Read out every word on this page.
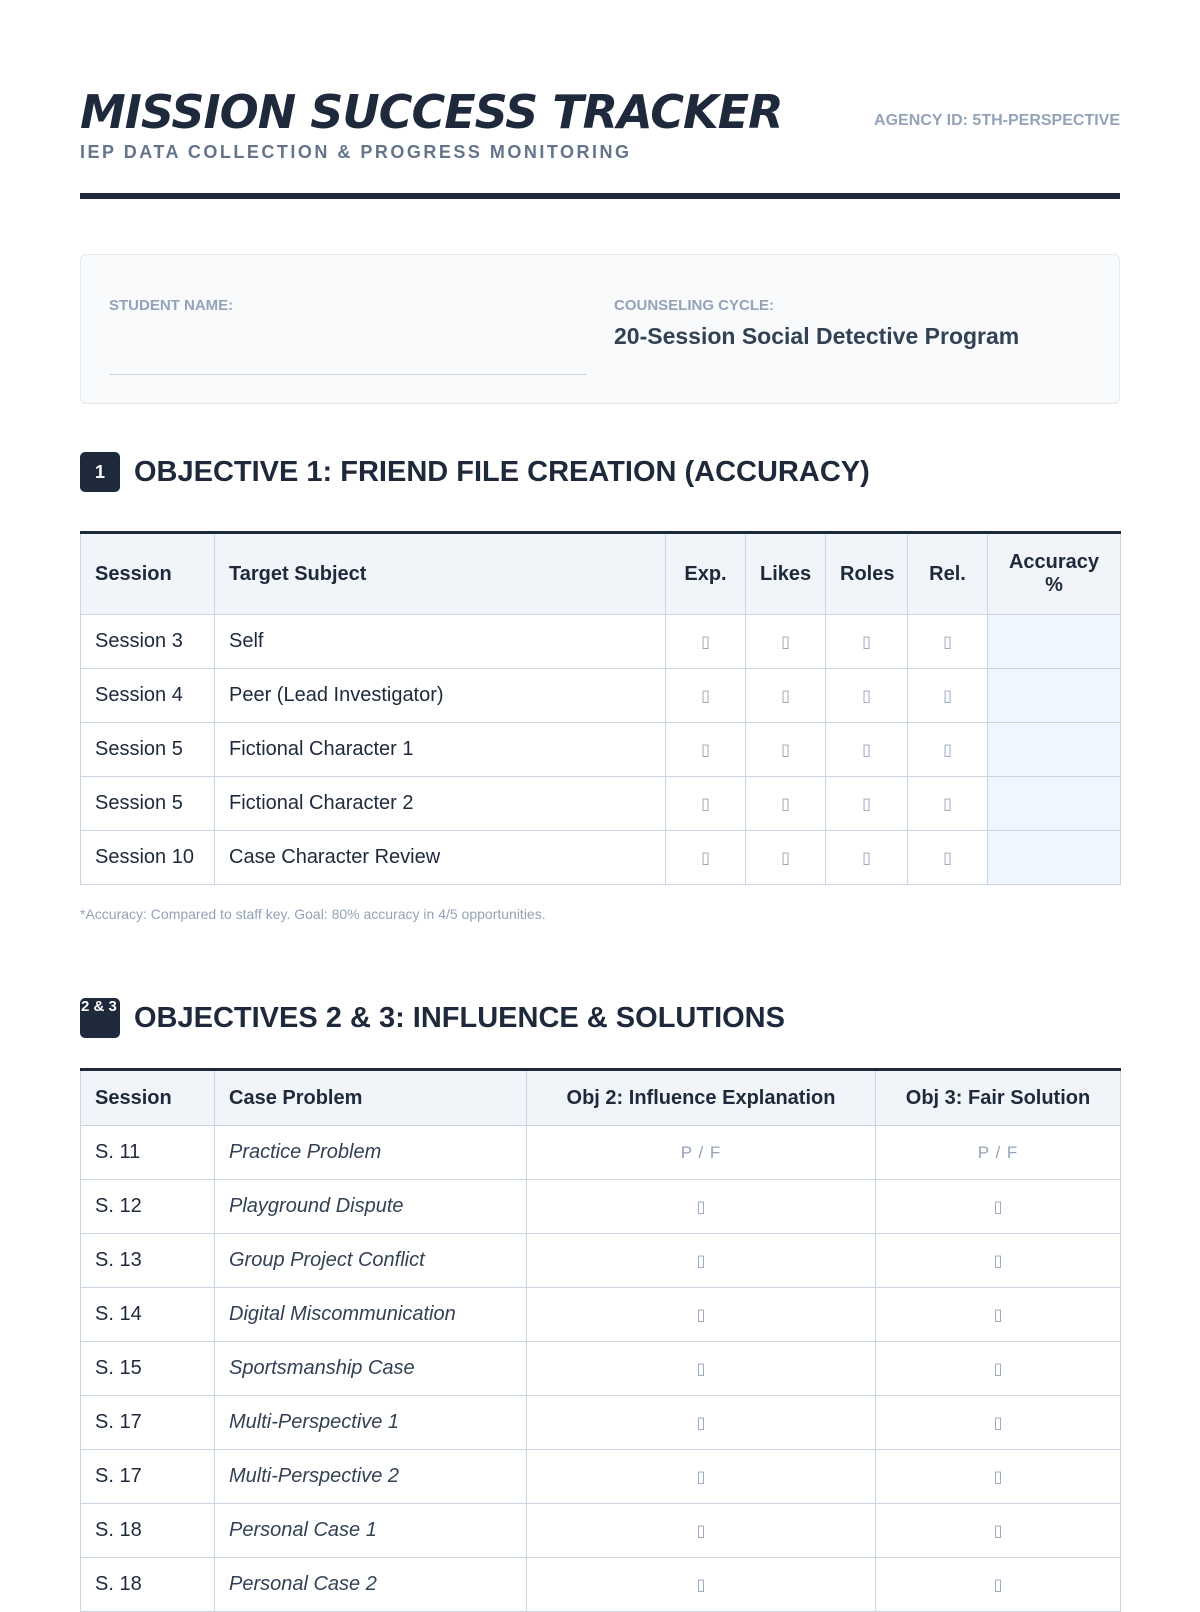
MISSION SUCCESS TRACKER	AGENCY ID: 5TH-PERSPECTIVE
IEP DATA COLLECTION & PROGRESS MONITORING
STUDENT NAME:	COUNSELING CYCLE:
20-Session Social Detective Program
1	OBJECTIVE 1: FRIEND FILE CREATION (ACCURACY)
Session	Target Subject	Exp.	Likes	Roles	Rel.	Accuracy %
Session 3	Self	▯	▯	▯	▯	
Session 4	Peer (Lead Investigator)	▯	▯	▯	▯	
Session 5	Fictional Character 1	▯	▯	▯	▯	
Session 5	Fictional Character 2	▯	▯	▯	▯	
Session 10	Case Character Review	▯	▯	▯	▯	
*Accuracy: Compared to staff key. Goal: 80% accuracy in 4/5 opportunities.
2 & 3 OBJECTIVES 2 & 3: INFLUENCE & SOLUTIONS
Session	Case Problem	Obj 2: Influence Explanation	Obj 3: Fair Solution
S. 11	Practice Problem	P / F	P / F
S. 12	Playground Dispute	▯	▯
S. 13	Group Project Conflict	▯	▯
S. 14	Digital Miscommunication	▯	▯
S. 15	Sportsmanship Case	▯	▯
S. 17	Multi-Perspective 1	▯	▯
S. 17	Multi-Perspective 2	▯	▯
S. 18	Personal Case 1	▯	▯
S. 18	Personal Case 2	▯	▯
